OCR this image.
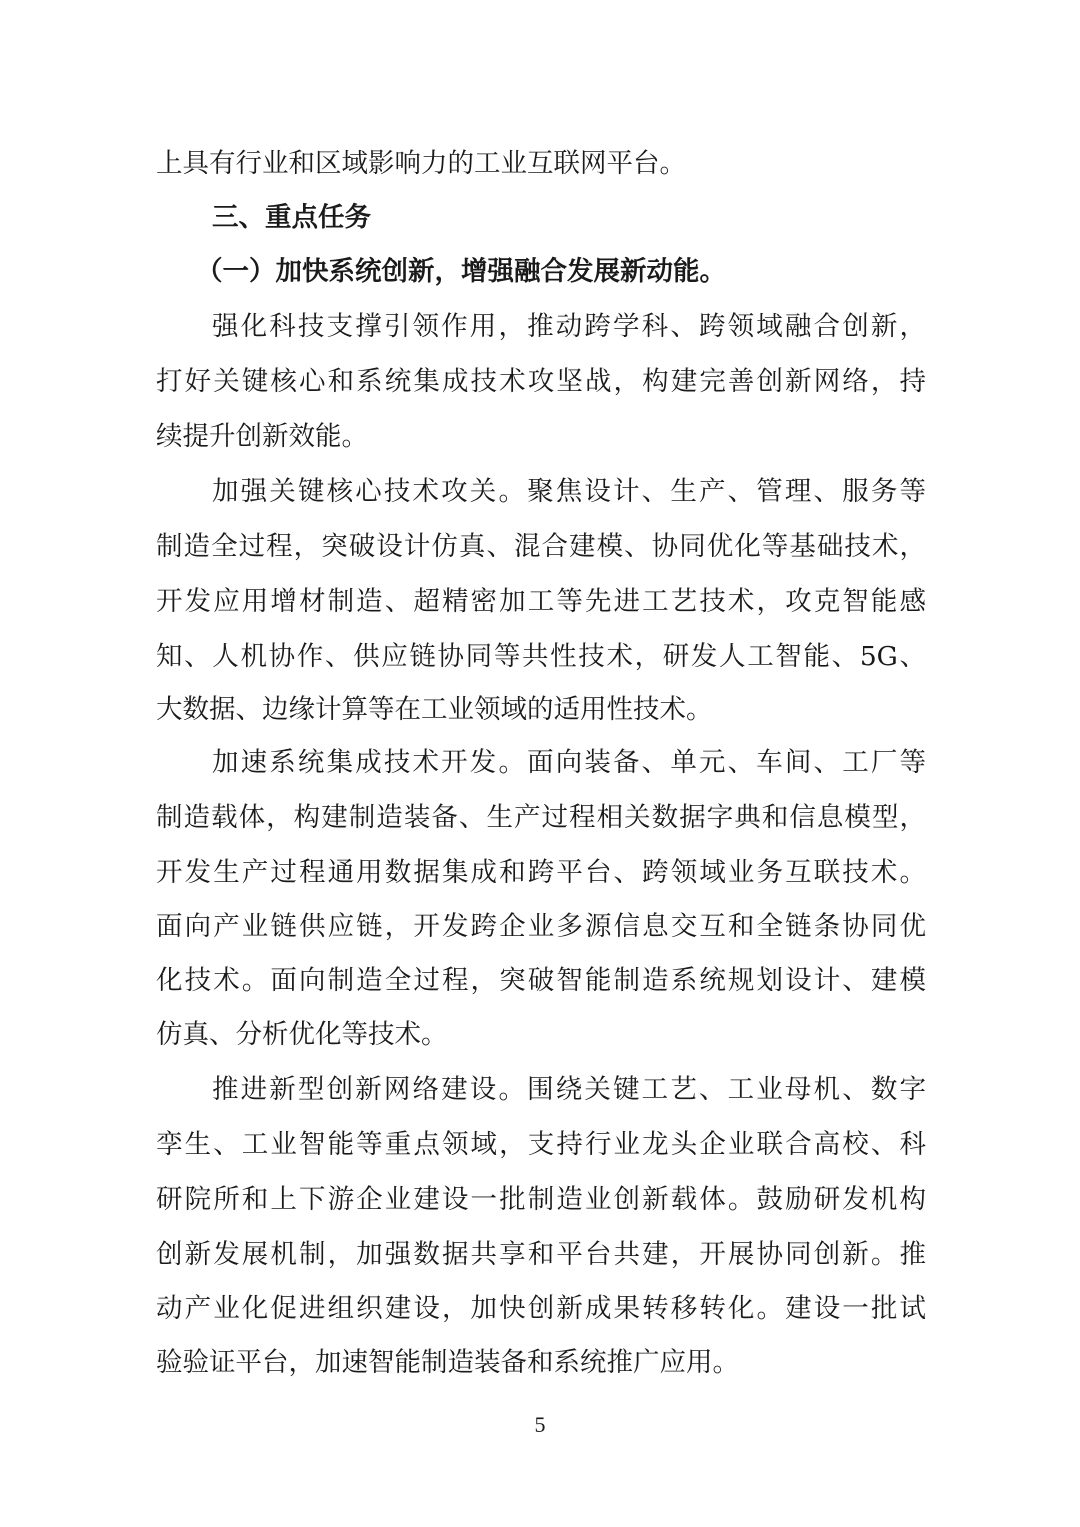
上具有行业和区域影响力的工业互联网平台。
三、重点任务
（一）加快系统创新，增强融合发展新动能。
强化科技支撑引领作用，推动跨学科、跨领域融合创新，
打好关键核心和系统集成技术攻坚战，构建完善创新网络，持
续提升创新效能。
加强关键核心技术攻关。聚焦设计、生产、管理、服务等
制造全过程，突破设计仿真、混合建模、协同优化等基础技术，
开发应用增材制造、超精密加工等先进工艺技术，攻克智能感
知、人机协作、供应链协同等共性技术，研发人工智能、5G、
大数据、边缘计算等在工业领域的适用性技术。
加速系统集成技术开发。面向装备、单元、车间、工厂等
制造载体，构建制造装备、生产过程相关数据字典和信息模型，
开发生产过程通用数据集成和跨平台、跨领域业务互联技术。
面向产业链供应链，开发跨企业多源信息交互和全链条协同优
化技术。面向制造全过程，突破智能制造系统规划设计、建模
仿真、分析优化等技术。
推进新型创新网络建设。围绕关键工艺、工业母机、数字
孪生、工业智能等重点领域，支持行业龙头企业联合高校、科
研院所和上下游企业建设一批制造业创新载体。鼓励研发机构
创新发展机制，加强数据共享和平台共建，开展协同创新。推
动产业化促进组织建设，加快创新成果转移转化。建设一批试
验验证平台，加速智能制造装备和系统推广应用。
5
